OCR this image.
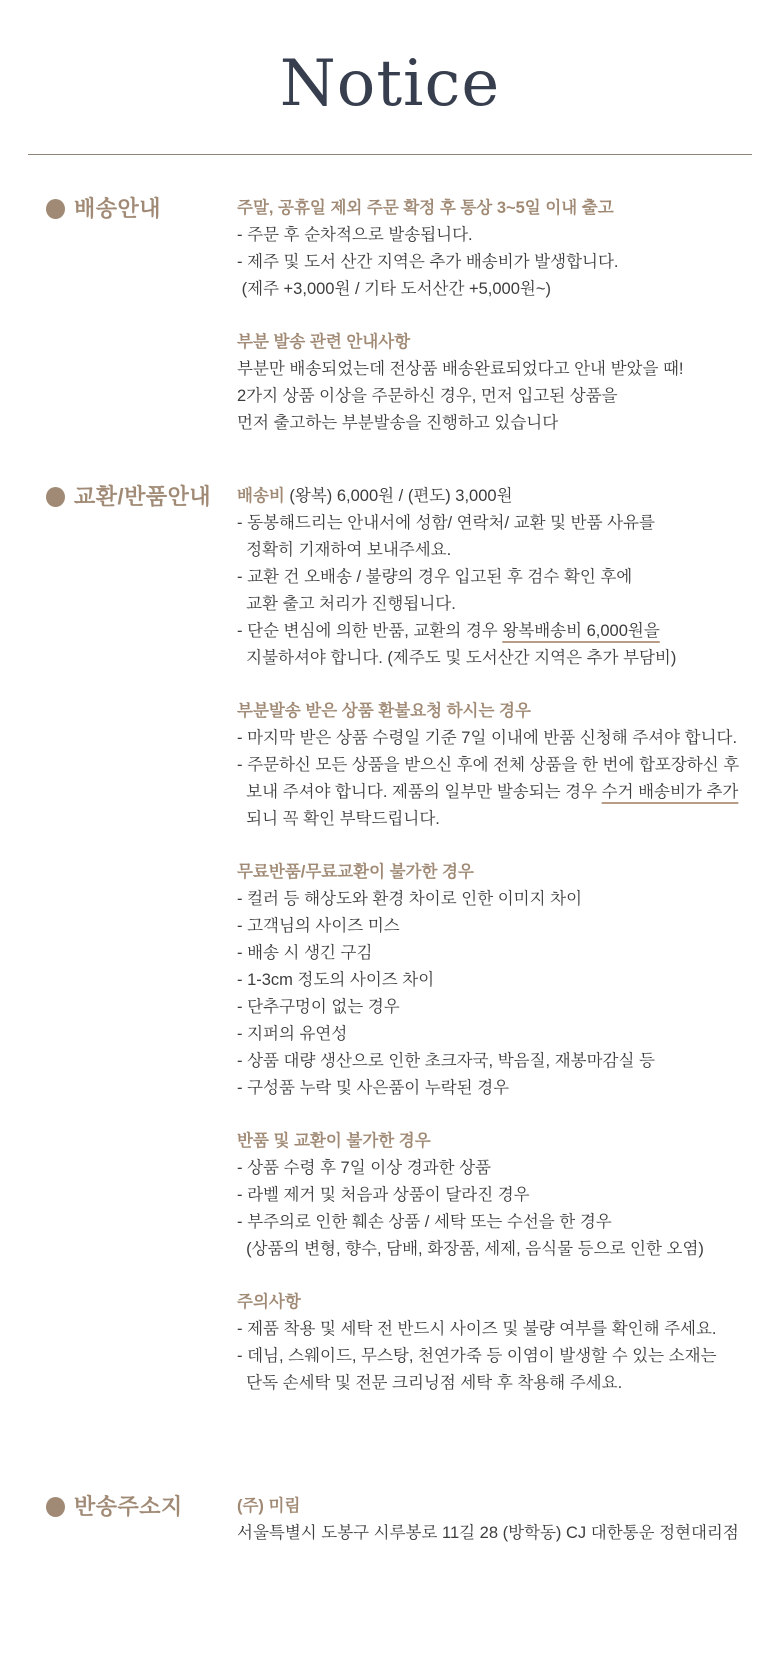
Notice
배송안내	주말, 공휴일 제외 주문 확정 후 통상 3~5일 이내 출고
- 주문 후 순차적으로 발송됩니다.
- 제주 및 도서 산간 지역은 추가 배송비가 발생합니다.
(제주 +3,000원 / 기타 도서산간 +5,000원~)
부분 발송 관련 안내사항
부분만 배송되었는데 전상품 배송완료되었다고 안내 받았을 때!
2가지 상품 이상을 주문하신 경우, 먼저 입고된 상품을
먼저 출고하는 부분발송을 진행하고 있습니다
교환/반품안내 배송비 (왕복) 6,000원 / (편도) 3,000원
- 동봉해드리는 안내서에 성함/ 연락처/ 교환 및 반품 사유를
정확히 기재하여 보내주세요.
- 교환 건 오배송 / 불량의 경우 입고된 후 검수 확인 후에
교환 출고 처리가 진행됩니다.
- 단순 변심에 의한 반품, 교환의 경우 왕복배송비 6,000원을
지불하셔야 합니다. (제주도 및 도서산간 지역은 추가 부담비)
부분발송 받은 상품 환불요청 하시는 경우
- 마지막 받은 상품 수령일 기준 7일 이내에 반품 신청해 주셔야 합니다.
- 주문하신 모든 상품을 받으신 후에 전체 상품을 한 번에 합포장하신 후
보내 주셔야 합니다. 제품의 일부만 발송되는 경우 수거 배송비가 추가
되니 꼭 확인 부탁드립니다.
무료반품/무료교환이 불가한 경우
- 컬러 등 해상도와 환경 차이로 인한 이미지 차이
- 고객님의 사이즈 미스
- 배송 시 생긴 구김
- 1-3cm 정도의 사이즈 차이
- 단추구멍이 없는 경우
- 지퍼의 유연성
- 상품 대량 생산으로 인한 초크자국, 박음질, 재봉마감실 등
- 구성품 누락 및 사은품이 누락된 경우
반품 및 교환이 불가한 경우
- 상품 수령 후 7일 이상 경과한 상품
- 라벨 제거 및 처음과 상품이 달라진 경우
- 부주의로 인한 훼손 상품 / 세탁 또는 수선을 한 경우
(상품의 변형, 향수, 담배, 화장품, 세제, 음식물 등으로 인한 오염)
주의사항
- 제품 착용 및 세탁 전 반드시 사이즈 및 불량 여부를 확인해 주세요.
- 데님, 스웨이드, 무스탕, 천연가죽 등 이염이 발생할 수 있는 소재는
단독 손세탁 및 전문 크리닝점 세탁 후 착용해 주세요.
반송주소지	(주) 미림
서울특별시 도봉구 시루봉로 11길 28 (방학동) CJ 대한통운 정현대리점
